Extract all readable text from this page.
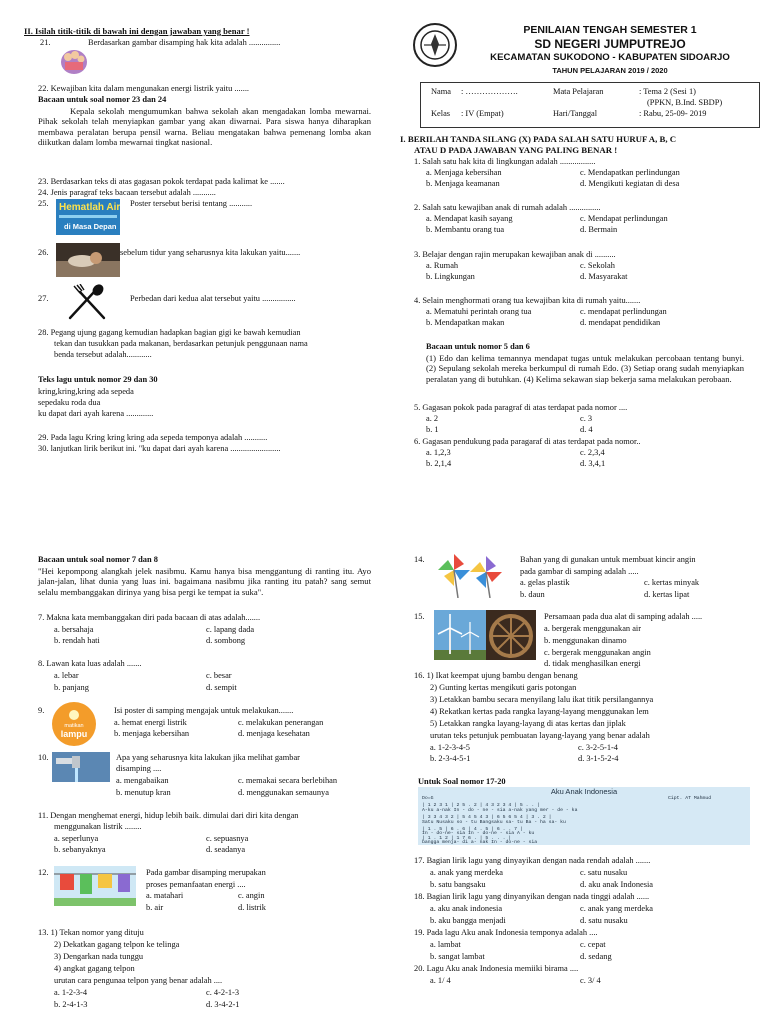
PENILAIAN TENGAH SEMESTER 1
SD NEGERI JUMPUTREJO
KECAMATAN SUKODONO - KABUPATEN SIDOARJO
TAHUN PELAJARAN 2019 / 2020
Nama : ……………….
Kelas : IV (Empat)
Mata Pelajaran	: Tema 2 (Sesi 1)
(PPKN, B.Ind. SBDP)
Hari/Tanggal	: Rabu, 25-09- 2019
II. Isilah titik-titik di bawah ini dengan jawaban yang benar !
21.	Berdasarkan gambar disamping hak kita adalah ...............
22. Kewajiban kita dalam mengunakan energi listrik yaitu .......
Bacaan untuk soal nomor 23 dan 24
Kepala sekolah mengumumkan bahwa sekolah akan mengadakan lomba mewarnai. Pihak sekolah telah menyiapkan gambar yang akan diwarnai. Para siswa hanya diharapkan membawa peralatan berupa pensil warna. Beliau mengatakan bahwa pemenang lomba akan diikutkan dalam lomba mewarnai tingkat nasional.
23. Berdasarkan teks di atas gagasan pokok terdapat pada kalimat ke .......
24. Jenis paragraf teks bacaan tersebut adalah ...........
25. Hematlah Air
di Masa Depan
Poster tersebut berisi tentang ...........
26.	sebelum tidur yang seharusnya kita lakukan yaitu.......
27.	Perbedan dari kedua alat tersebut yaitu ................
28. Pegang ujung gagang kemudian hadapkan bagian gigi ke bawah kemudian
tekan dan tusukkan pada makanan, berdasarkan petunjuk penggunaan nama
benda tersebut adalah............
Teks lagu untuk nomor 29 dan 30
kring,kring,kring ada sepeda
sepedaku roda dua
ku dapat dari ayah karena .............
29. Pada lagu Kring kring kring ada sepeda temponya adalah ...........
30. lanjutkan lirik berikut ini. "ku dapat dari ayah karena ........................
I. BERILAH TANDA SILANG (X) PADA SALAH SATU HURUF A, B, C
ATAU D PADA JAWABAN YANG PALING BENAR !
1. Salah satu hak kita di lingkungan adalah .................
a. Menjaga kebersihan	c. Mendapatkan perlindungan
b. Menjaga keamanan	d. Mengikuti kegiatan di desa
2. Salah satu kewajiban anak di rumah adalah ...............
a. Mendapat kasih sayang	c. Mendapat perlindungan
b. Membantu orang tua	d. Bermain
3. Belajar dengan rajin merupakan kewajiban anak di ..........
a. Rumah	c. Sekolah
b. Lingkungan	d. Masyarakat
4. Selain menghormati orang tua kewajiban kita di rumah yaitu.......
a. Mematuhi perintah orang tua	c. mendapat perlindungan
b. Mendapatkan makan	d. mendapat pendidikan
Bacaan untuk nomor 5 dan 6
(1) Edo dan kelima temannya mendapat tugas untuk melakukan percobaan tentang bunyi. (2) Sepulang sekolah mereka berkumpul di rumah Edo. (3) Setiap orang sudah menyiapkan peralatan yang di butuhkan. (4) Kelima sekawan siap bekerja sama melakukan perobaan.
5. Gagasan pokok pada paragraf di atas terdapat pada nomor ....
a. 2	c. 3
b. 1	d. 4
6. Gagasan pendukung pada paragaraf di atas terdapat pada nomor..
a. 1,2,3	c. 2,3,4
b. 2,1,4	d. 3,4,1
Bacaan untuk soal nomor 7 dan 8
"Hei kepompong alangkah jelek nasibmu. Kamu hanya bisa menggantung di ranting itu. Ayo jalan-jalan, lihat dunia yang luas ini. bagaimana nasibmu jika ranting itu patah? sang semut selalu membanggakan dirinya yang bisa pergi ke tempat ia suka".
7. Makna kata membanggakan diri pada bacaan di atas adalah.......
a. bersahaja	c. lapang dada
b. rendah hati	d. sombong
8. Lawan kata luas adalah .......
a. lebar	c. besar
b. panjang	d. sempit
9.
matikan
lampu
Isi poster di samping mengajak untuk melakukan.......
a. hemat energi listrik	c. melakukan penerangan
b. menjaga kebersihan	d. menjaga kesehatan
10.	Apa yang seharusnya kita lakukan jika melihat gambar
disamping ....
a. mengabaikan	c. memakai secara berlebihan
b. menutup kran	d. menggunakan semaunya
11. Dengan menghemat energi, hidup lebih baik. dimulai dari diri kita dengan
menggunakan listrik ........
a. seperlunya	c. sepuasnya
b. sebanyaknya	d. seadanya
12.	Pada gambar disamping merupakan
proses pemanfaatan energi ....
a. matahari	c. angin
b. air	d. listrik
13. 1) Tekan nomor yang dituju
2) Dekatkan gagang telpon ke telinga
3) Dengarkan nada tunggu
4) angkat gagang telpon
urutan cara pengunaa telpon yang benar adalah ....
a. 1-2-3-4	c. 4-2-1-3
b. 2-4-1-3	d. 3-4-2-1
14.	Bahan yang di gunakan untuk membuat kincir angin
pada gambar di samping adalah .....
a. gelas plastik	c. kertas minyak
b. daun	d. kertas lipat
15.	Persamaan pada dua alat di samping adalah .....
a. bergerak menggunakan air
b. menggunakan dinamo
c. bergerak menggunakan angin
d. tidak menghasilkan energi
16. 1) Ikat keempat ujung bambu dengan benang
2) Gunting kertas mengikuti garis potongan
3) Letakkan bambu secara menyilang lalu ikat titik persilangannya
4) Rekatkan kertas pada rangka layang-layang menggunakan lem
5) Letakkan rangka layang-layang di atas kertas dan jiplak
urutan teks petunjuk pembuatan layang-layang yang benar adalah
a. 1-2-3-4-5	c. 3-2-5-1-4
b. 2-3-4-5-1	d. 3-1-5-2-4
Untuk Soal nomor 17-20
Aku Anak Indonesia
Do=G	Cipt. AT Mahmud
| 1 2 3 1 | 2 5 . 2 | 4 3 2 3 4 | 5 . . |
A-ku a-nak In - do - ne - sia a-nak yang mer - de - ka
| 3 3 4 3 2 | 5 4 5 4 3 | 6 5 6 5 4 | 3 . 2 |
Satu Nusaku so - tu Bangsaku sa- tu Ba - ha sa- ku
| 1 . 5 | 6 . 6 | 4 . 5 | 6 . . 7 |
In - do-ne- sia In - do-ne - sia A - ku
| 1 . 1 2 | 1 7 6 . | 5 . . . |
bangga menja- di a- nak In - do-ne - sia
17. Bagian lirik lagu yang dinyayikan dengan nada rendah adalah .......
a. anak yang merdeka	c. satu nusaku
b. satu bangsaku	d. aku anak Indonesia
18. Bagian lirik lagu yang dinyanyikan dengan nada tinggi adalah ......
a. aku anak indonesia	c. anak yang merdeka
b. aku bangga menjadi	d. satu nusaku
19. Pada lagu Aku anak Indonesia temponya adalah ....
a. lambat	c. cepat
b. sangat lambat	d. sedang
20. Lagu Aku anak Indonesia memiiki birama ....
a. 1/ 4	c. 3/ 4
